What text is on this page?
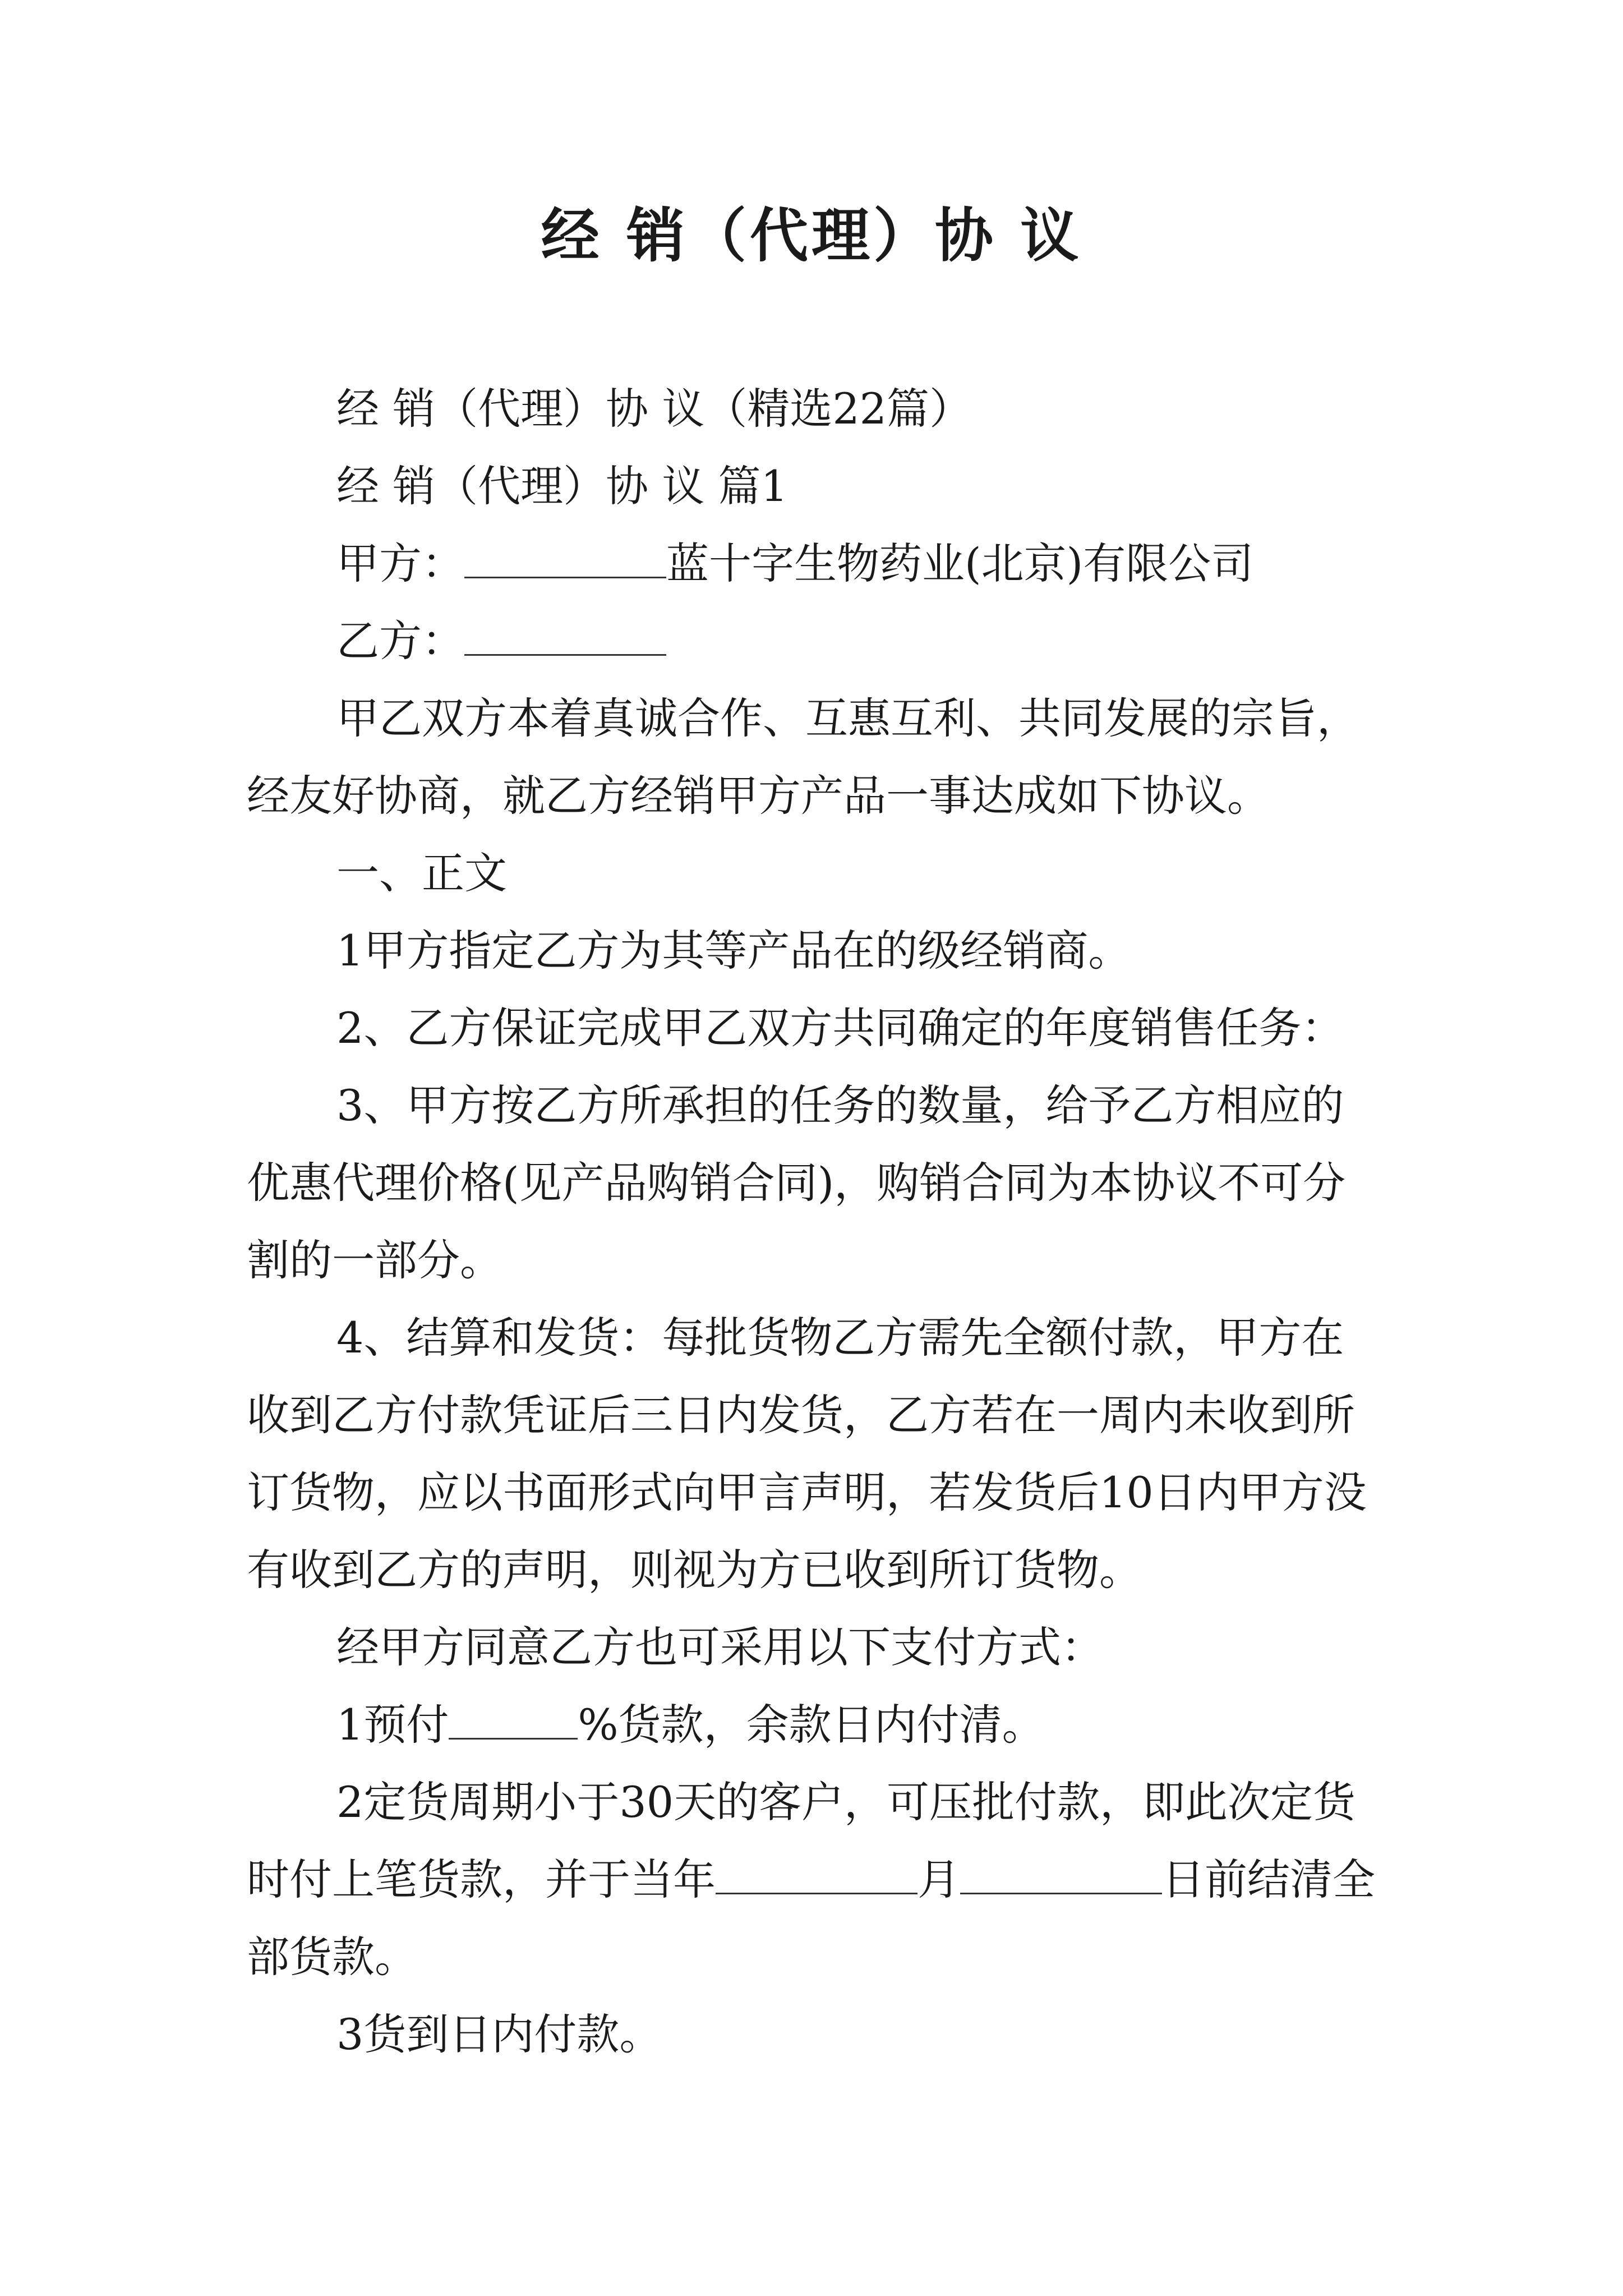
经 销（代理）协 议

经 销（代理）协 议（精选22篇）

经 销（代理）协 议 篇1

甲方：	蓝十字生物药业(北京)有限公司

乙方：

甲乙双方本着真诚合作、互惠互利、共同发展的宗旨，经友好协商，就乙方经销甲方产品一事达成如下协议。

一、正文

1甲方指定乙方为其等产品在的级经销商。

2、乙方保证完成甲乙双方共同确定的年度销售任务：

3、甲方按乙方所承担的任务的数量，给予乙方相应的优惠代理价格(见产品购销合同)，购销合同为本协议不可分割的一部分。

4、结算和发货：每批货物乙方需先全额付款，甲方在收到乙方付款凭证后三日内发货，乙方若在一周内未收到所订货物，应以书面形式向甲言声明，若发货后10日内甲方没有收到乙方的声明，则视为方已收到所订货物。

经甲方同意乙方也可采用以下支付方式：

1预付	%货款，余款日内付清。

2定货周期小于30天的客户，可压批付款，即此次定货时付上笔货款，并于当年	月	日前结清全部货款。

3货到日内付款。
